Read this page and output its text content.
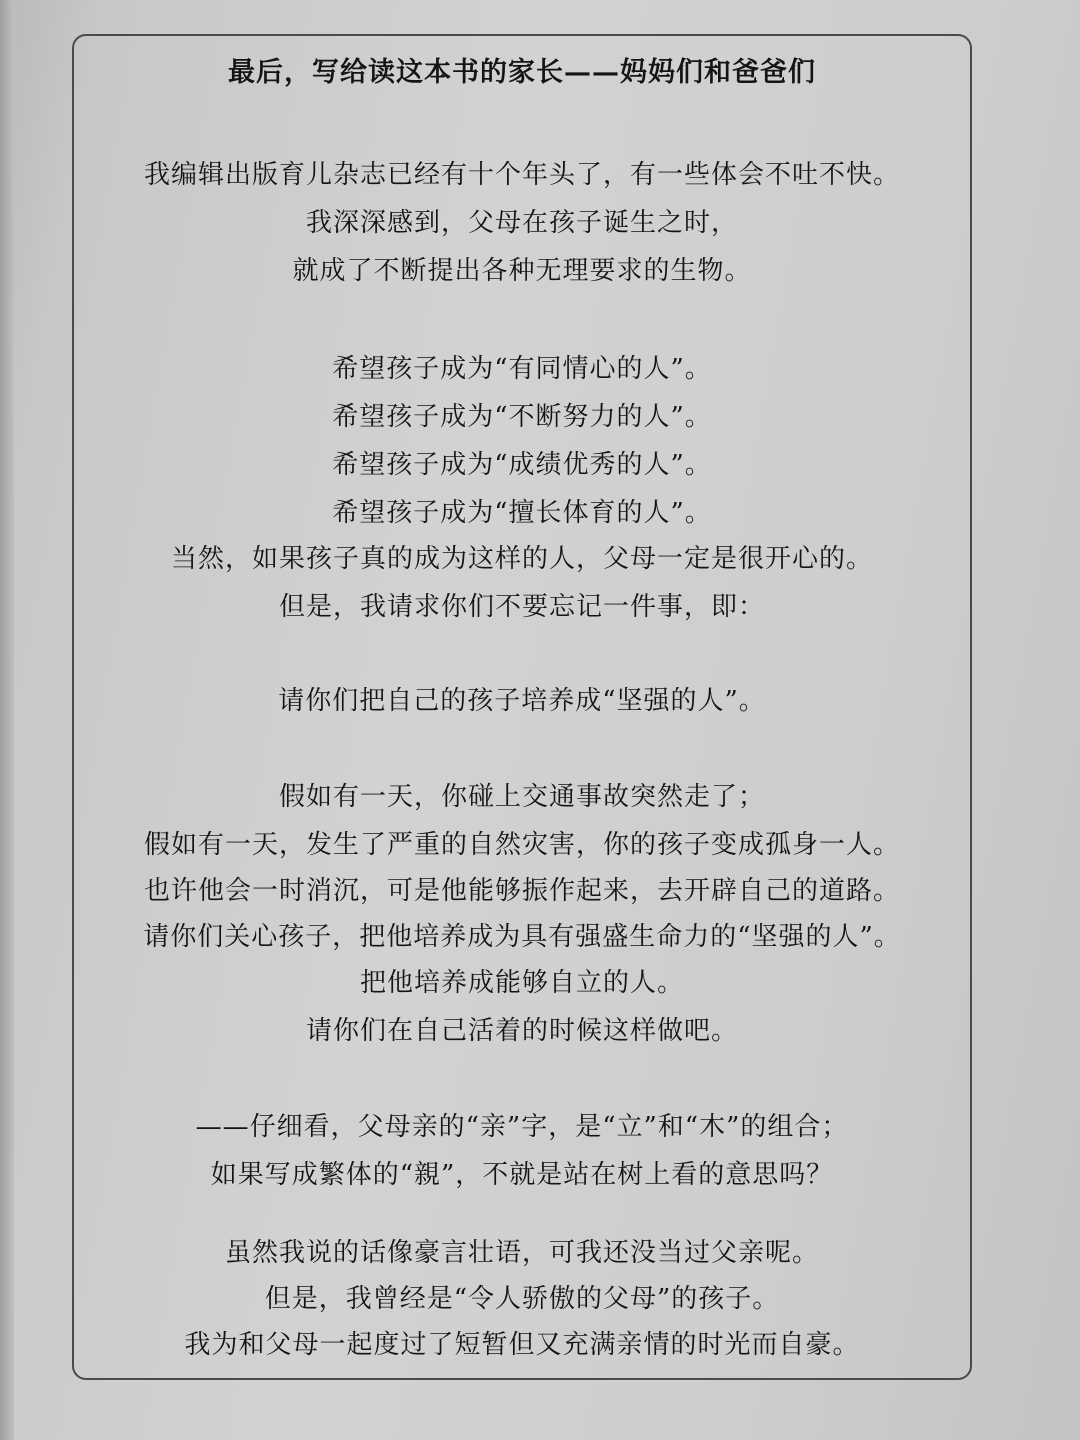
最后，写给读这本书的家长——妈妈们和爸爸们
我编辑出版育儿杂志已经有十个年头了，有一些体会不吐不快。
我深深感到，父母在孩子诞生之时，
就成了不断提出各种无理要求的生物。
希望孩子成为“有同情心的人”。
希望孩子成为“不断努力的人”。
希望孩子成为“成绩优秀的人”。
希望孩子成为“擅长体育的人”。
当然，如果孩子真的成为这样的人，父母一定是很开心的。
但是，我请求你们不要忘记一件事，即：
请你们把自己的孩子培养成“坚强的人”。
假如有一天，你碰上交通事故突然走了；
假如有一天，发生了严重的自然灾害，你的孩子变成孤身一人。
也许他会一时消沉，可是他能够振作起来，去开辟自己的道路。
请你们关心孩子，把他培养成为具有强盛生命力的“坚强的人”。
把他培养成能够自立的人。
请你们在自己活着的时候这样做吧。
——仔细看，父母亲的“亲”字，是“立”和“木”的组合；
如果写成繁体的“親”，不就是站在树上看的意思吗？
虽然我说的话像豪言壮语，可我还没当过父亲呢。
但是，我曾经是“令人骄傲的父母”的孩子。
我为和父母一起度过了短暂但又充满亲情的时光而自豪。
